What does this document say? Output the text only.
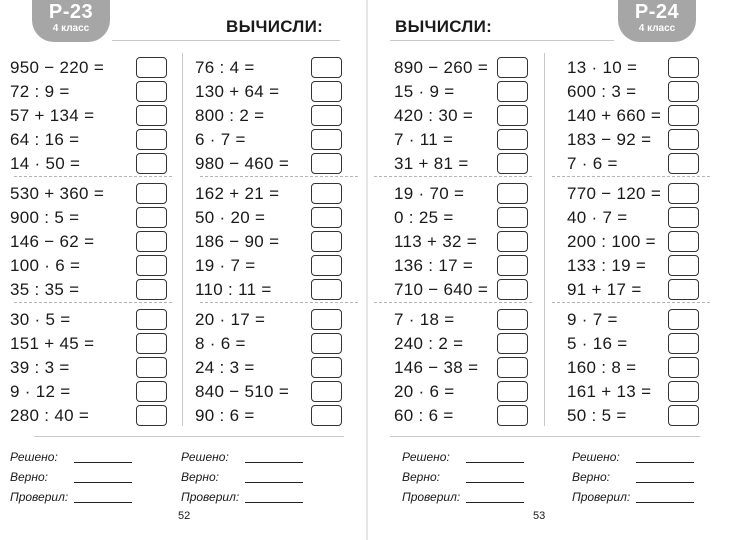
P-23
4 класс	ВЫЧИСЛИ:
950 − 220 =
72 : 9 =
57 + 134 =
64 : 16 =
14 · 50 =
530 + 360 =
900 : 5 =
146 − 62 =
100 · 6 =
35 : 35 =
30 · 5 =
151 + 45 =
39 : 3 =
9 · 12 =
280 : 40 =
76 : 4 =
130 + 64 =
800 : 2 =
6 · 7 =
980 − 460 =
162 + 21 =
50 · 20 =
186 − 90 =
19 · 7 =
110 : 11 =
20 · 17 =
8 · 6 =
24 : 3 =
840 − 510 =
90 : 6 =
Решено:
Верно:
Проверил:
Решено:
Верно:
Проверил:
52
P-24
4 класс
ВЫЧИСЛИ:
890 − 260 =
15 · 9 =
420 : 30 =
7 · 11 =
31 + 81 =
19 · 70 =
0 : 25 =
113 + 32 =
136 : 17 =
710 − 640 =
7 · 18 =
240 : 2 =
146 − 38 =
20 · 6 =
60 : 6 =
13 · 10 =
600 : 3 =
140 + 660 =
183 − 92 =
7 · 6 =
770 − 120 =
40 · 7 =
200 : 100 =
133 : 19 =
91 + 17 =
9 · 7 =
5 · 16 =
160 : 8 =
161 + 13 =
50 : 5 =
Решено:
Верно:
Проверил:
Решено:
Верно:
Проверил:
53
